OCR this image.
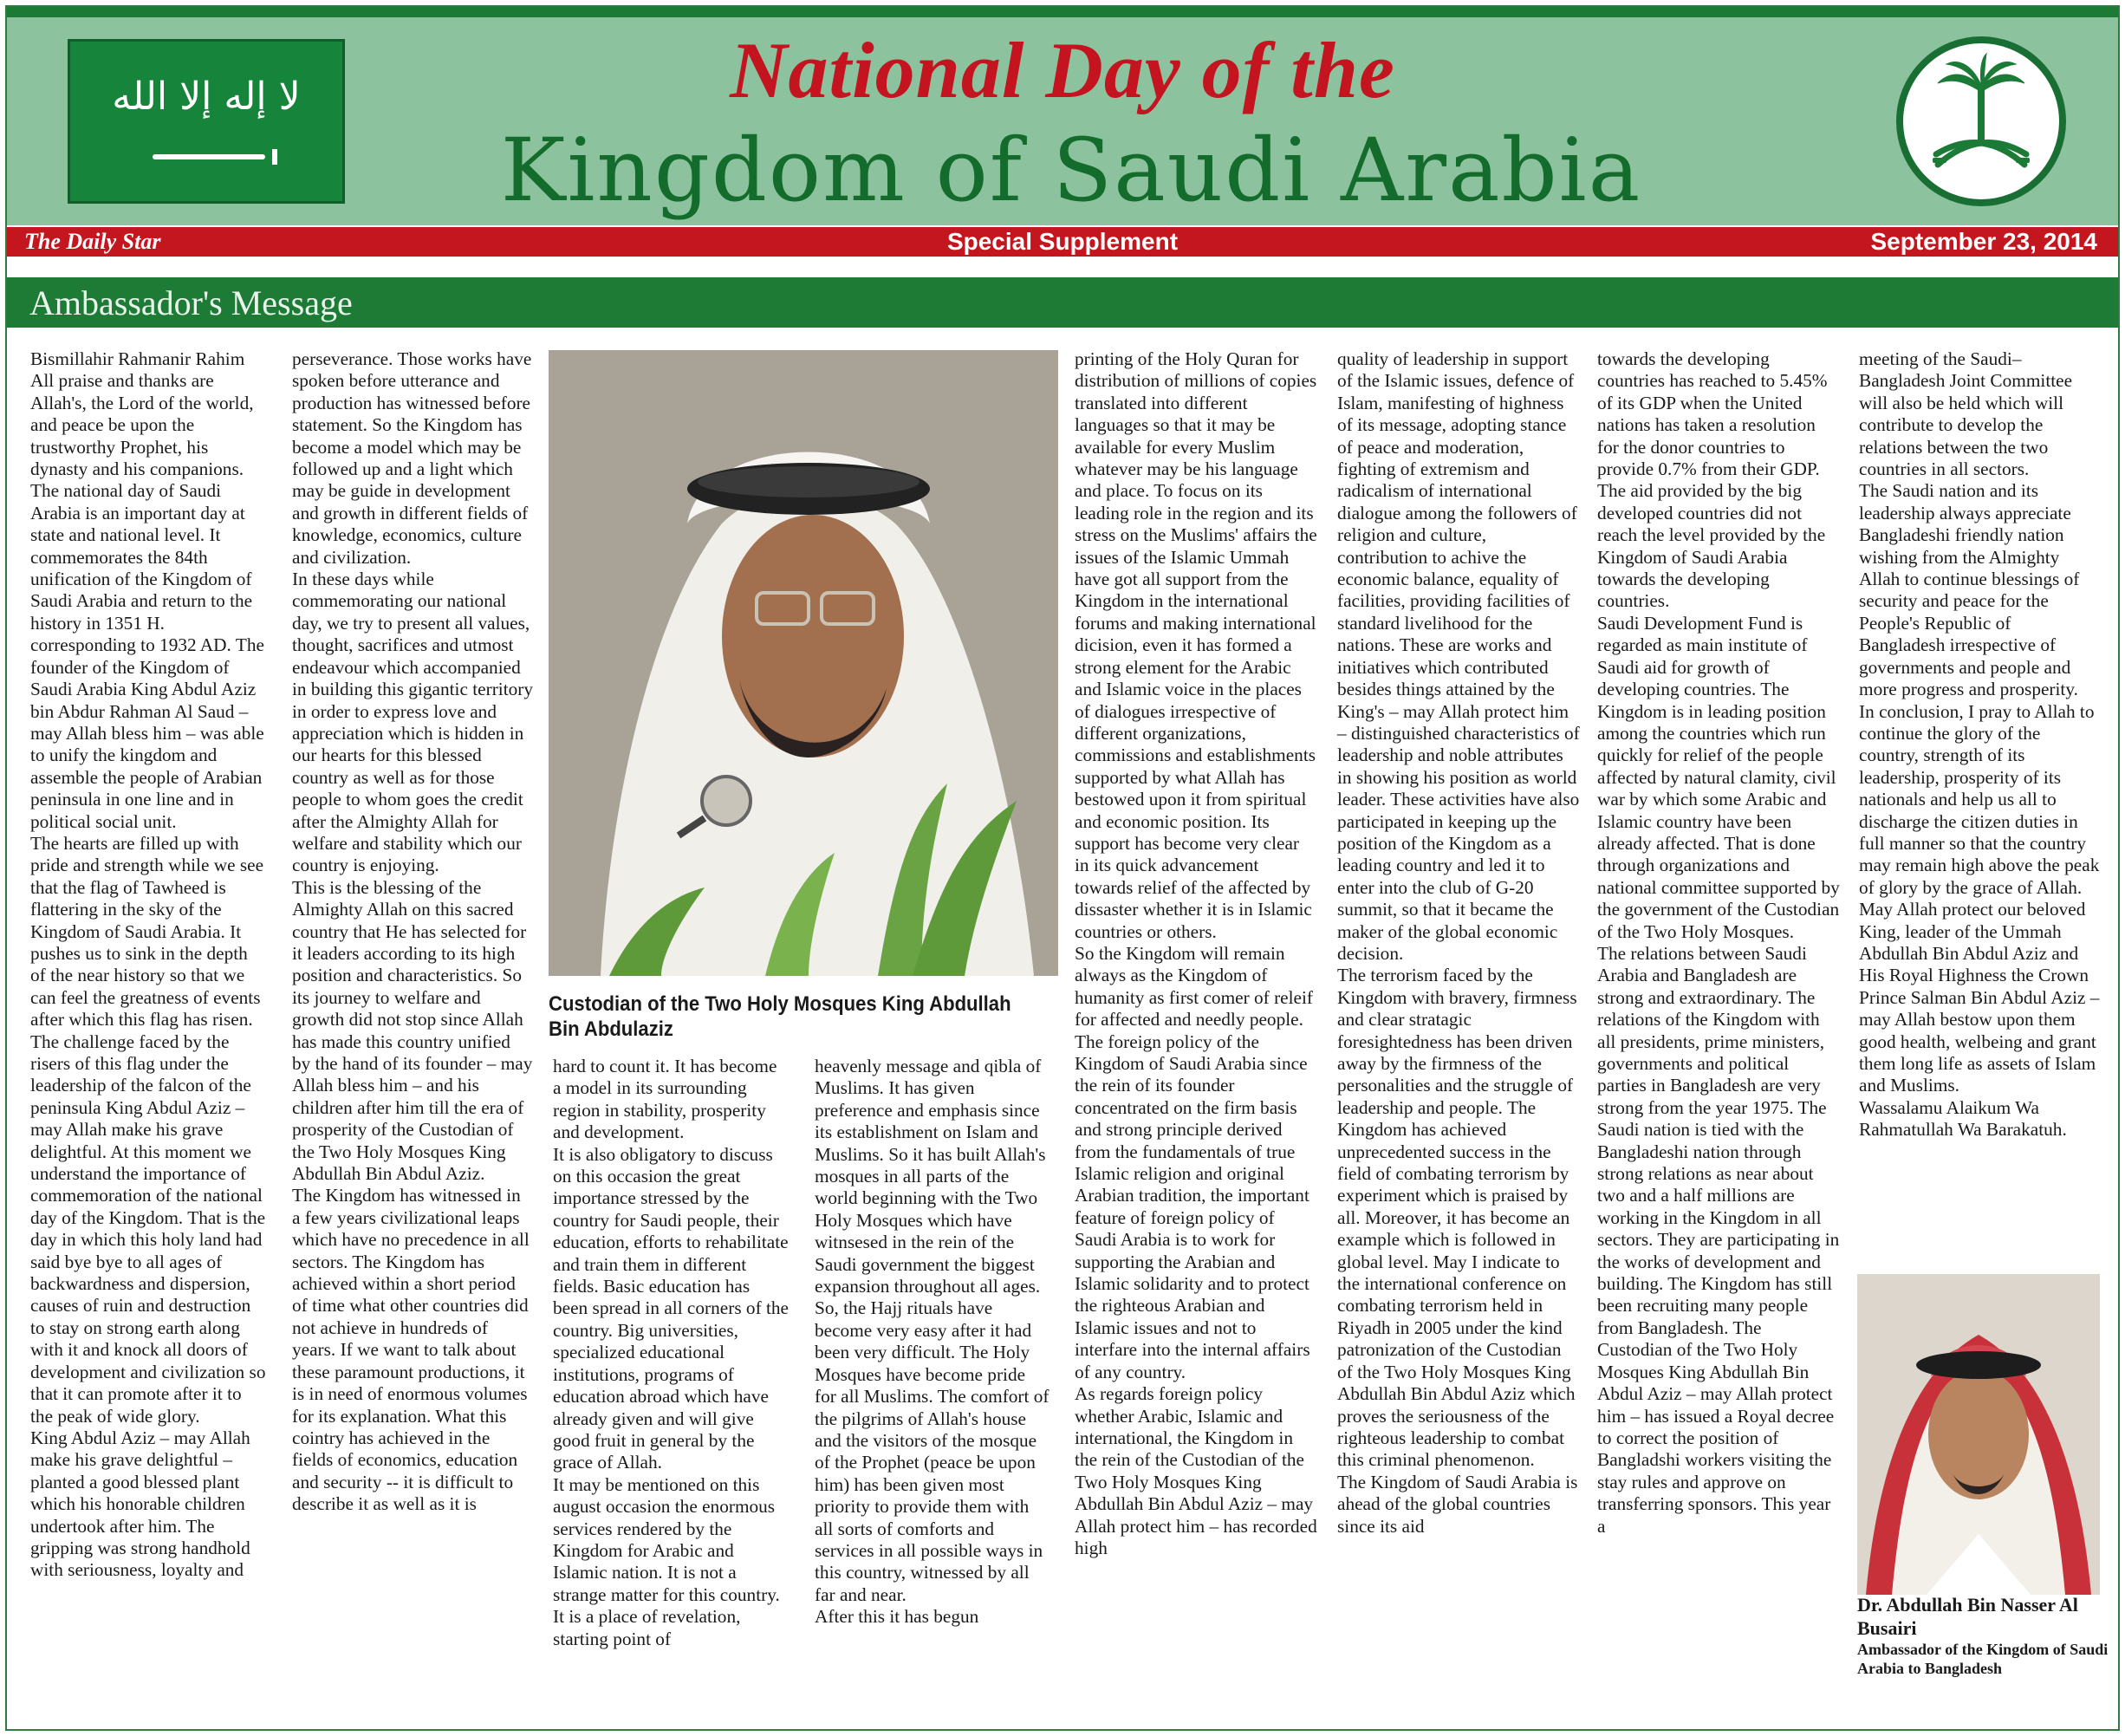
لا إله إلا الله	National Day of the
Kingdom of Saudi Arabia
The Daily Star	Special Supplement	September 23, 2014
Ambassador's Message
Bismillahir Rahmanir Rahim
All praise and thanks are Allah's, the Lord of the world, and peace be upon the trustworthy Prophet, his dynasty and his companions.
The national day of Saudi Arabia is an important day at state and national level. It commemorates the 84th unification of the Kingdom of Saudi Arabia and return to the history in 1351 H. corresponding to 1932 AD. The founder of the Kingdom of Saudi Arabia King Abdul Aziz bin Abdur Rahman Al Saud – may Allah bless him – was able to unify the kingdom and assemble the people of Arabian peninsula in one line and in political social unit.
The hearts are filled up with pride and strength while we see that the flag of Tawheed is flattering in the sky of the Kingdom of Saudi Arabia. It pushes us to sink in the depth of the near history so that we can feel the greatness of events after which this flag has risen. The challenge faced by the risers of this flag under the leadership of the falcon of the peninsula King Abdul Aziz – may Allah make his grave delightful. At this moment we understand the importance of commemoration of the national day of the Kingdom. That is the day in which this holy land had said bye bye to all ages of backwardness and dispersion, causes of ruin and destruction to stay on strong earth along with it and knock all doors of development and civilization so that it can promote after it to the peak of wide glory.
King Abdul Aziz – may Allah make his grave delightful – planted a good blessed plant which his honorable children undertook after him. The gripping was strong handhold with seriousness, loyalty and
perseverance. Those works have spoken before utterance and production has witnessed before statement. So the Kingdom has become a model which may be followed up and a light which may be guide in development and growth in different fields of knowledge, economics, culture and civilization.
In these days while commemorating our national day, we try to present all values, thought, sacrifices and utmost endeavour which accompanied in building this gigantic territory in order to express love and appreciation which is hidden in our hearts for this blessed country as well as for those people to whom goes the credit after the Almighty Allah for welfare and stability which our country is enjoying.
This is the blessing of the Almighty Allah on this sacred country that He has selected for it leaders according to its high position and characteristics. So its journey to welfare and growth did not stop since Allah has made this country unified by the hand of its founder – may Allah bless him – and his children after him till the era of prosperity of the Custodian of the Two Holy Mosques King Abdullah Bin Abdul Aziz.
The Kingdom has witnessed in a few years civilizational leaps which have no precedence in all sectors. The Kingdom has achieved within a short period of time what other countries did not achieve in hundreds of years. If we want to talk about these paramount productions, it is in need of enormous volumes for its explanation. What this cointry has achieved in the fields of economics, education and security -- it is difficult to describe it as well as it is
Custodian of the Two Holy Mosques King Abdullah Bin Abdulaziz
hard to count it. It has become a model in its surrounding region in stability, prosperity and development.
It is also obligatory to discuss on this occasion the great importance stressed by the country for Saudi people, their education, efforts to rehabilitate and train them in different fields. Basic education has been spread in all corners of the country. Big universities, specialized educational institutions, programs of education abroad which have already given and will give good fruit in general by the grace of Allah.
It may be mentioned on this august occasion the enormous services rendered by the Kingdom for Arabic and Islamic nation. It is not a strange matter for this country. It is a place of revelation, starting point of
heavenly message and qibla of Muslims. It has given preference and emphasis since its establishment on Islam and Muslims. So it has built Allah's mosques in all parts of the world beginning with the Two Holy Mosques which have witnsesed in the rein of the Saudi government the biggest expansion throughout all ages. So, the Hajj rituals have become very easy after it had been very difficult. The Holy Mosques have become pride for all Muslims. The comfort of the pilgrims of Allah's house and the visitors of the mosque of the Prophet (peace be upon him) has been given most priority to provide them with all sorts of comforts and services in all possible ways in this country, witnessed by all far and near.
After this it has begun
printing of the Holy Quran for distribution of millions of copies translated into different languages so that it may be available for every Muslim whatever may be his language and place. To focus on its leading role in the region and its stress on the Muslims' affairs the issues of the Islamic Ummah have got all support from the Kingdom in the international forums and making international dicision, even it has formed a strong element for the Arabic and Islamic voice in the places of dialogues irrespective of different organizations, commissions and establishments supported by what Allah has bestowed upon it from spiritual and economic position. Its support has become very clear in its quick advancement towards relief of the affected by dissaster whether it is in Islamic countries or others.
So the Kingdom will remain always as the Kingdom of humanity as first comer of releif for affected and needly people.
The foreign policy of the Kingdom of Saudi Arabia since the rein of its founder concentrated on the firm basis and strong principle derived from the fundamentals of true Islamic religion and original Arabian tradition, the important feature of foreign policy of Saudi Arabia is to work for supporting the Arabian and Islamic solidarity and to protect the righteous Arabian and Islamic issues and not to interfare into the internal affairs of any country.
As regards foreign policy whether Arabic, Islamic and international, the Kingdom in the rein of the Custodian of the Two Holy Mosques King Abdullah Bin Abdul Aziz – may Allah protect him – has recorded high
quality of leadership in support of the Islamic issues, defence of Islam, manifesting of highness of its message, adopting stance of peace and moderation, fighting of extremism and radicalism of international dialogue among the followers of religion and culture, contribution to achive the economic balance, equality of facilities, providing facilities of standard livelihood for the nations. These are works and initiatives which contributed besides things attained by the King's – may Allah protect him – distinguished characteristics of leadership and noble attributes in showing his position as world leader. These activities have also participated in keeping up the position of the Kingdom as a leading country and led it to enter into the club of G-20 summit, so that it became the maker of the global economic decision.
The terrorism faced by the Kingdom with bravery, firmness and clear stratagic foresightedness has been driven away by the firmness of the personalities and the struggle of leadership and people. The Kingdom has achieved unprecedented success in the field of combating terrorism by experiment which is praised by all. Moreover, it has become an example which is followed in global level. May I indicate to the international conference on combating terrorism held in Riyadh in 2005 under the kind patronization of the Custodian of the Two Holy Mosques King Abdullah Bin Abdul Aziz which proves the seriousness of the righteous leadership to combat this criminal phenomenon.
The Kingdom of Saudi Arabia is ahead of the global countries since its aid
towards the developing countries has reached to 5.45% of its GDP when the United nations has taken a resolution for the donor countries to provide 0.7% from their GDP. The aid provided by the big developed countries did not reach the level provided by the Kingdom of Saudi Arabia towards the developing countries.
Saudi Development Fund is regarded as main institute of Saudi aid for growth of developing countries. The Kingdom is in leading position among the countries which run quickly for relief of the people affected by natural clamity, civil war by which some Arabic and Islamic country have been already affected. That is done through organizations and national committee supported by the government of the Custodian of the Two Holy Mosques.
The relations between Saudi Arabia and Bangladesh are strong and extraordinary. The relations of the Kingdom with all presidents, prime ministers, governments and political parties in Bangladesh are very strong from the year 1975. The Saudi nation is tied with the Bangladeshi nation through strong relations as near about two and a half millions are working in the Kingdom in all sectors. They are participating in the works of development and building. The Kingdom has still been recruiting many people from Bangladesh. The Custodian of the Two Holy Mosques King Abdullah Bin Abdul Aziz – may Allah protect him – has issued a Royal decree to correct the position of Bangladshi workers visiting the stay rules and approve on transferring sponsors. This year a
meeting of the Saudi–Bangladesh Joint Committee will also be held which will contribute to develop the relations between the two countries in all sectors.
The Saudi nation and its leadership always appreciate Bangladeshi friendly nation wishing from the Almighty Allah to continue blessings of security and peace for the People's Republic of Bangladesh irrespective of governments and people and more progress and prosperity.
In conclusion, I pray to Allah to continue the glory of the country, strength of its leadership, prosperity of its nationals and help us all to discharge the citizen duties in full manner so that the country may remain high above the peak of glory by the grace of Allah. May Allah protect our beloved King, leader of the Ummah Abdullah Bin Abdul Aziz and His Royal Highness the Crown Prince Salman Bin Abdul Aziz – may Allah bestow upon them good health, welbeing and grant them long life as assets of Islam and Muslims.
Wassalamu Alaikum Wa Rahmatullah Wa Barakatuh.
Dr. Abdullah Bin Nasser Al Busairi
Ambassador of the Kingdom of Saudi Arabia to Bangladesh
